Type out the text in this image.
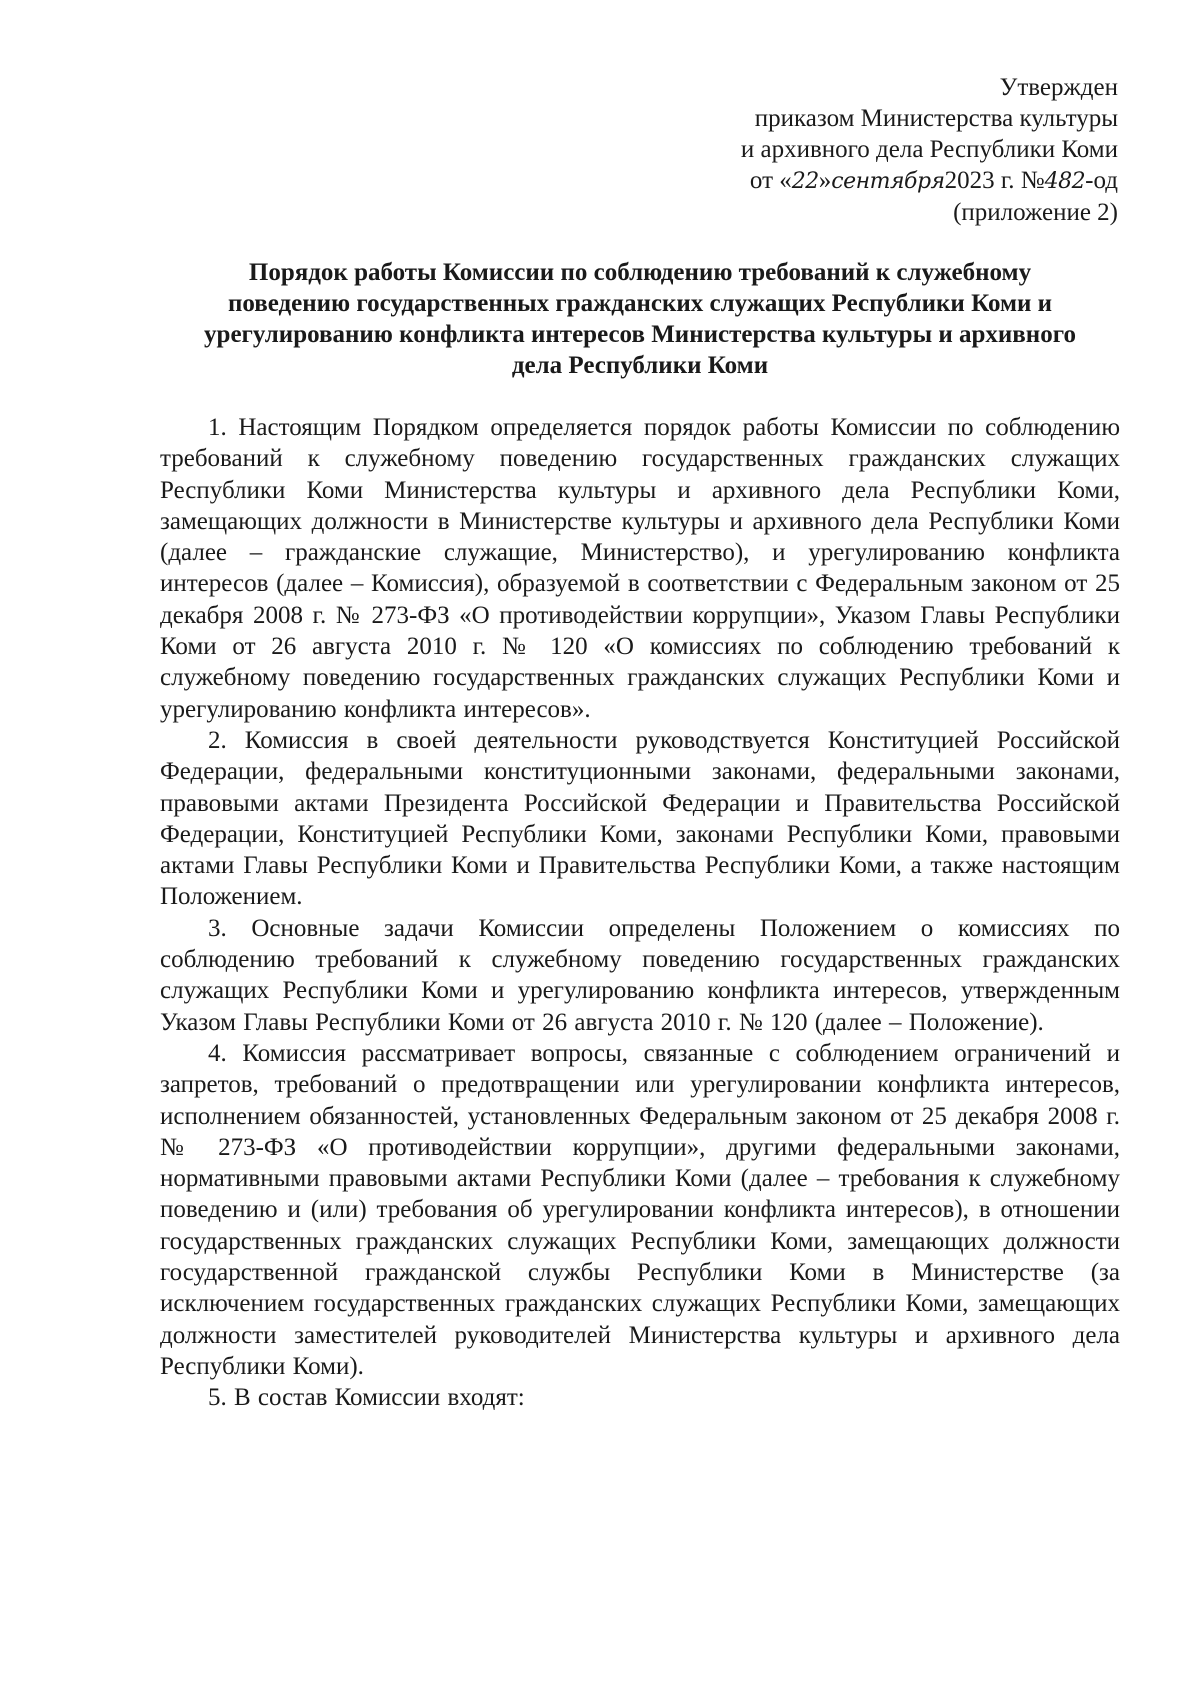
Утвержден
приказом Министерства культуры
и архивного дела Республики Коми
от «22»сентября2023 г. №482-од
(приложение 2)
Порядок работы Комиссии по соблюдению требований к служебному
поведению государственных гражданских служащих Республики Коми и
урегулированию конфликта интересов Министерства культуры и архивного
дела Республики Коми

1. Настоящим Порядком определяется порядок работы Комиссии по соблюдению требований к служебному поведению государственных гражданских служащих Республики Коми Министерства культуры и архивного дела Республики Коми, замещающих должности в Министерстве культуры и архивного дела Республики Коми (далее – гражданские служащие, Министерство), и урегулированию конфликта интересов (далее – Комиссия), образуемой в соответствии с Федеральным законом от 25 декабря 2008 г. № 273-ФЗ «О противодействии коррупции», Указом Главы Республики Коми от 26 августа 2010 г. № 120 «О комиссиях по соблюдению требований к служебному поведению государственных гражданских служащих Республики Коми и урегулированию конфликта интересов».

2. Комиссия в своей деятельности руководствуется Конституцией Российской Федерации, федеральными конституционными законами, федеральными законами, правовыми актами Президента Российской Федерации и Правительства Российской Федерации, Конституцией Республики Коми, законами Республики Коми, правовыми актами Главы Республики Коми и Правительства Республики Коми, а также настоящим Положением.

3. Основные задачи Комиссии определены Положением о комиссиях по соблюдению требований к служебному поведению государственных гражданских служащих Республики Коми и урегулированию конфликта интересов, утвержденным Указом Главы Республики Коми от 26 августа 2010 г. № 120 (далее – Положение).

4. Комиссия рассматривает вопросы, связанные с соблюдением ограничений и запретов, требований о предотвращении или урегулировании конфликта интересов, исполнением обязанностей, установленных Федеральным законом от 25 декабря 2008 г. № 273-ФЗ «О противодействии коррупции», другими федеральными законами, нормативными правовыми актами Республики Коми (далее – требования к служебному поведению и (или) требования об урегулировании конфликта интересов), в отношении государственных гражданских служащих Республики Коми, замещающих должности государственной гражданской службы Республики Коми в Министерстве (за исключением государственных гражданских служащих Республики Коми, замещающих должности заместителей руководителей Министерства культуры и архивного дела Республики Коми).

5. В состав Комиссии входят:
